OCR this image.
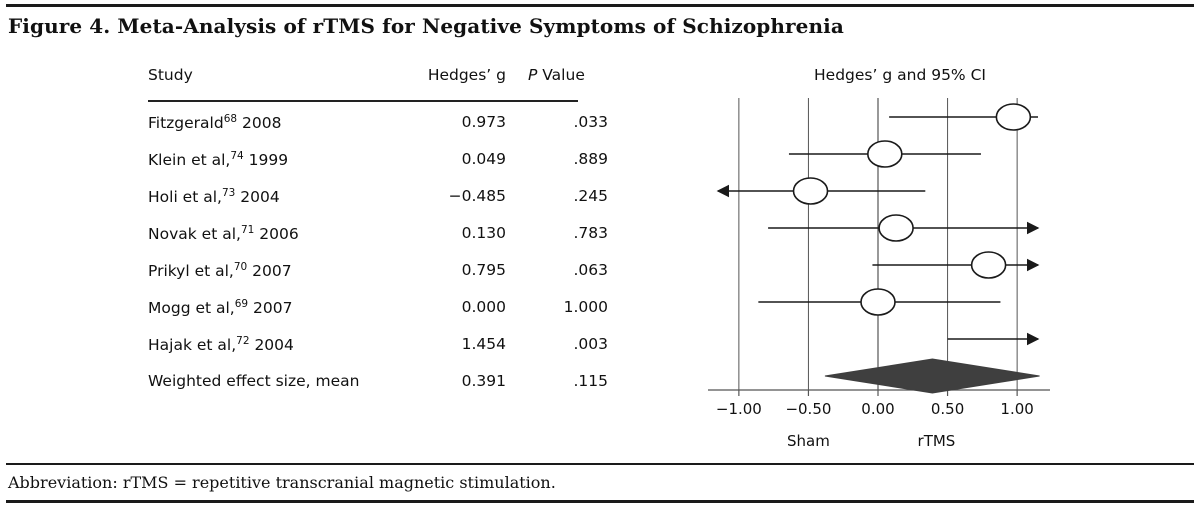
Figure 4. Meta-Analysis of rTMS for Negative Symptoms of Schizophrenia
Study	Hedges’ g P Value
Fitzgerald$^{68}$ 2008	0.973	.033
Klein et al,$^{74}$ 1999	0.049	.889
Holi et al,$^{73}$ 2004	−0.485	.245
Novak et al,$^{71}$ 2006	0.130	.783
Prikyl et al,$^{70}$ 2007	0.795	.063
Mogg et al,$^{69}$ 2007	0.000	1.000
Hajak et al,$^{72}$ 2004	1.454	.003
Weighted effect size, mean	0.391	.115
Hedges’ g and 95% CI
−1.00 −0.50 0.00 0.50 1.00
Sham	rTMS
Abbreviation: rTMS = repetitive transcranial magnetic stimulation.
